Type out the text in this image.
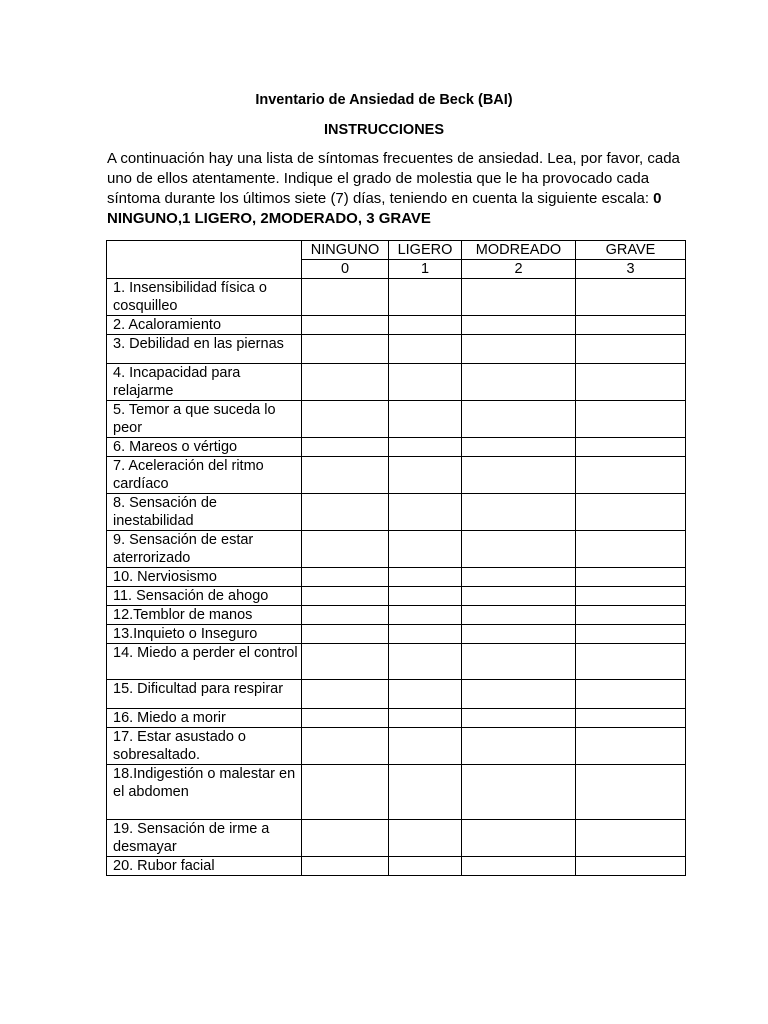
Inventario de Ansiedad de Beck (BAI)
INSTRUCCIONES
A continuación hay una lista de síntomas frecuentes de ansiedad. Lea, por favor, cada uno de ellos atentamente. Indique el grado de molestia que le ha provocado cada síntoma durante los últimos siete (7) días, teniendo en cuenta la siguiente escala: 0 NINGUNO,1 LIGERO, 2MODERADO, 3 GRAVE
	NINGUNO	LIGERO	MODREADO	GRAVE
	0	1	2	3
1. Insensibilidad física o cosquilleo				
2. Acaloramiento				
3. Debilidad en las piernas				
4. Incapacidad para relajarme				
5. Temor a que suceda lo peor				
6. Mareos o vértigo				
7. Aceleración del ritmo cardíaco				
8. Sensación de inestabilidad				
9. Sensación de estar aterrorizado				
10. Nerviosismo				
11. Sensación de ahogo				
12.Temblor de manos				
13.Inquieto o Inseguro				
14. Miedo a perder el control				
15. Dificultad para respirar				
16. Miedo a morir				
17. Estar asustado o sobresaltado.				
18.Indigestión o malestar en el abdomen				
19. Sensación de irme a desmayar				
20. Rubor facial				
